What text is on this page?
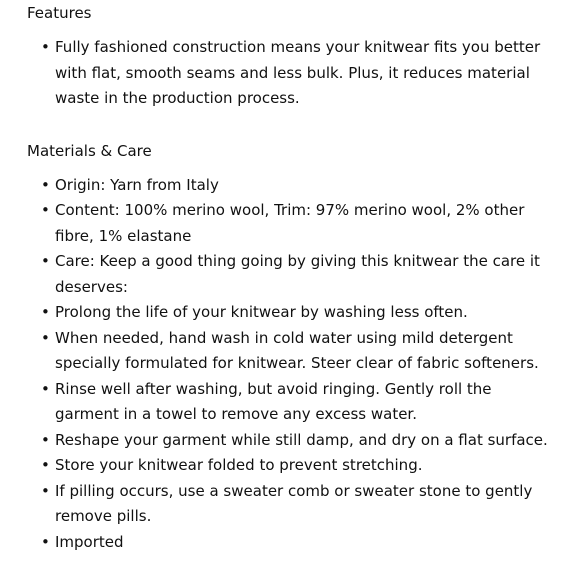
Features
• Fully fashioned construction means your knitwear fits you better with flat, smooth seams and less bulk. Plus, it reduces material waste in the production process.
Materials & Care
• Origin: Yarn from Italy
• Content: 100% merino wool, Trim: 97% merino wool, 2% other fibre, 1% elastane
• Care: Keep a good thing going by giving this knitwear the care it deserves:
• Prolong the life of your knitwear by washing less often.
• When needed, hand wash in cold water using mild detergent specially formulated for knitwear. Steer clear of fabric softeners.
• Rinse well after washing, but avoid ringing. Gently roll the garment in a towel to remove any excess water.
• Reshape your garment while still damp, and dry on a flat surface.
• Store your knitwear folded to prevent stretching.
• If pilling occurs, use a sweater comb or sweater stone to gently remove pills.
• Imported
